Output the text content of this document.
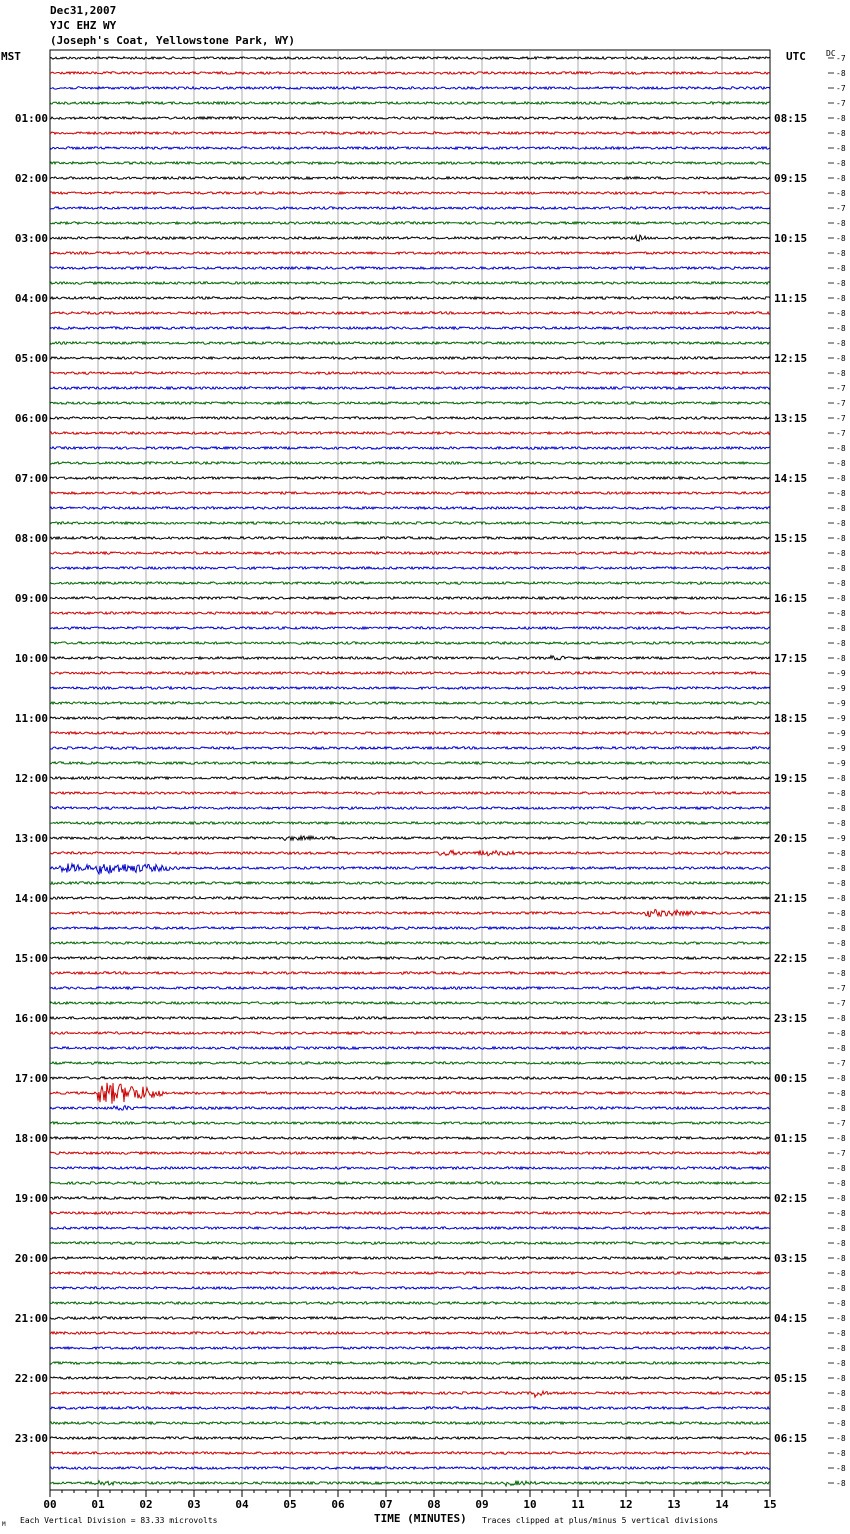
Dec31,2007
YJC EHZ WY
(Joseph's Coat, Yellowstone Park, WY)
MST	UTC	DC
00	01	02	03	04	05	06	07	08	09	10	11	12	13	14	15
-7
-8
-7
-7
-8
-8
-8
-8
-8
-8
-7
-8
-8
-8
-8
-8
-8
-8
-8
-8
-8
-8
-7
-7
-7
-7
-8
-8
-8
-8
-8
-8
-8
-8
-8
-8
-8
-8
-8
-8
-8
-9
-9
-9
-9
-9
-9
-9
-8
-8
-8
-8
-9
-8
-8
-8
-8
-8
-8
-8
-8
-8
-7
-7
-8
-8
-8
-7
-8
-8
-8
-7
-8
-7
-8
-8
-8
-8
-8
-8
-8
-8
-8
-8
-8
-8
-8
-8
-8
-8
-8
-8
-8
-8
-8
-8
01:00
02:00
03:00
04:00
05:00
06:00
07:00
08:00
09:00
10:00
11:00
12:00
13:00
14:00
15:00
16:00
17:00
18:00
19:00
20:00
21:00
22:00
23:00
08:15
09:15
10:15
11:15
12:15
13:15
14:15
15:15
16:15
17:15
18:15
19:15
20:15
21:15
22:15
23:15
00:15
01:15
02:15
03:15
04:15
05:15
06:15
Each Vertical Division = 83.33 microvolts	TIME (MINUTES) Traces clipped at plus/minus 5 vertical divisions
M
